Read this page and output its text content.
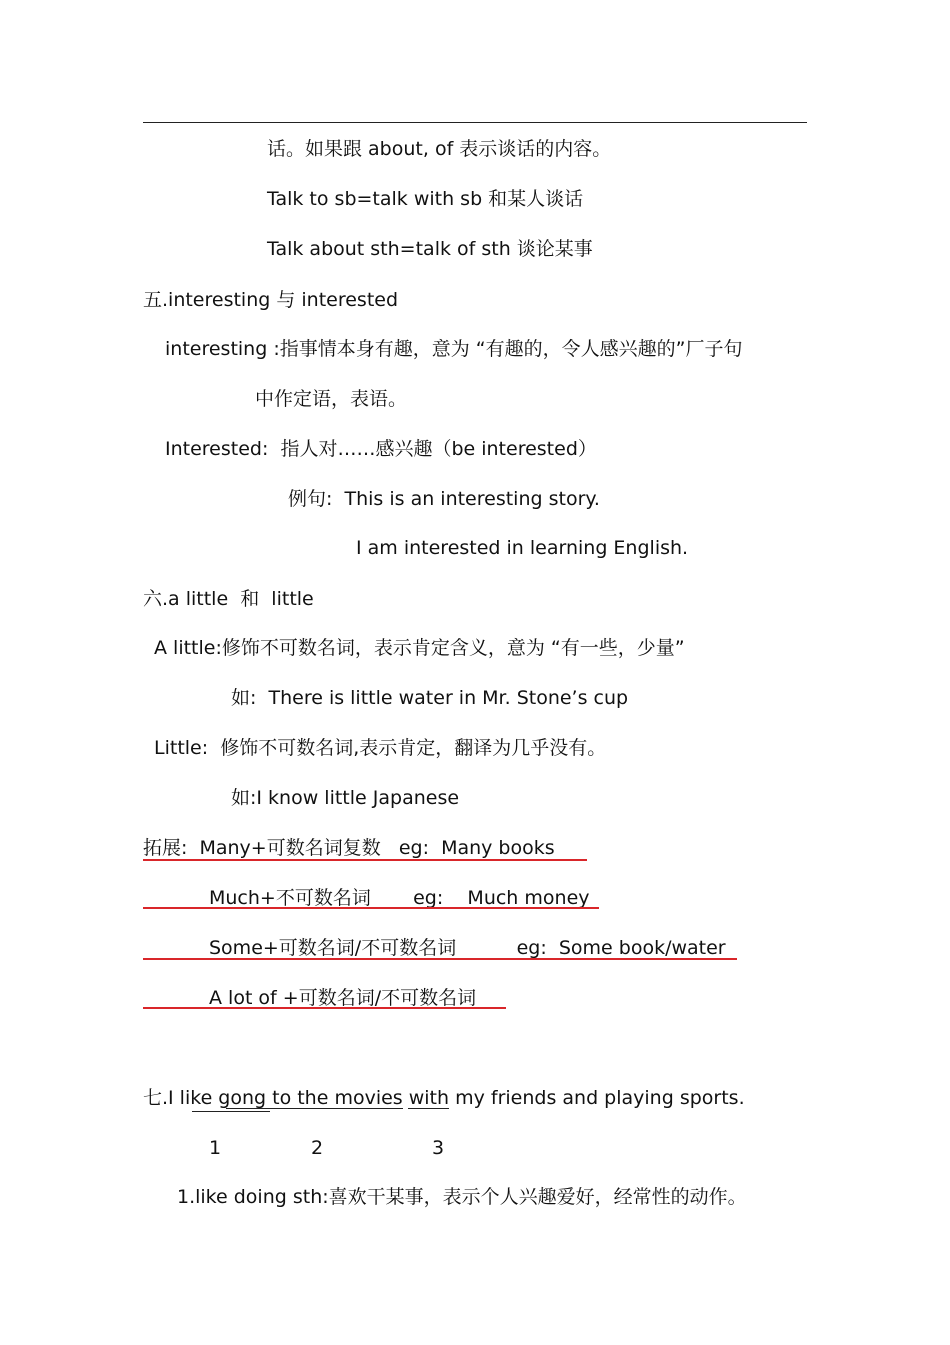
话。如果跟 about, of 表示谈话的内容。
Talk to sb=talk with sb 和某人谈话
Talk about sth=talk of sth 谈论某事
五.interesting 与 interested
interesting :指事情本身有趣，意为 “有趣的，令人感兴趣的”厂子句
中作定语，表语。
Interested:  指人对……感兴趣（be interested）
例句:  This is an interesting story.
I am interested in learning English.
六.a little  和  little
A little:修饰不可数名词，表示肯定含义，意为 “有一些，少量”
如:  There is little water in Mr. Stone’s cup
Little:  修饰不可数名词,表示肯定，翻译为几乎没有。
如:I know little Japanese
拓展:  Many+可数名词复数   eg:  Many books
Much+不可数名词       eg:    Much money
Some+可数名词/不可数名词          eg:  Some book/water
A lot of +可数名词/不可数名词
七.I like gong to the movies with my friends and playing sports.
1	2	3
1.like doing sth:喜欢干某事，表示个人兴趣爱好，经常性的动作。
